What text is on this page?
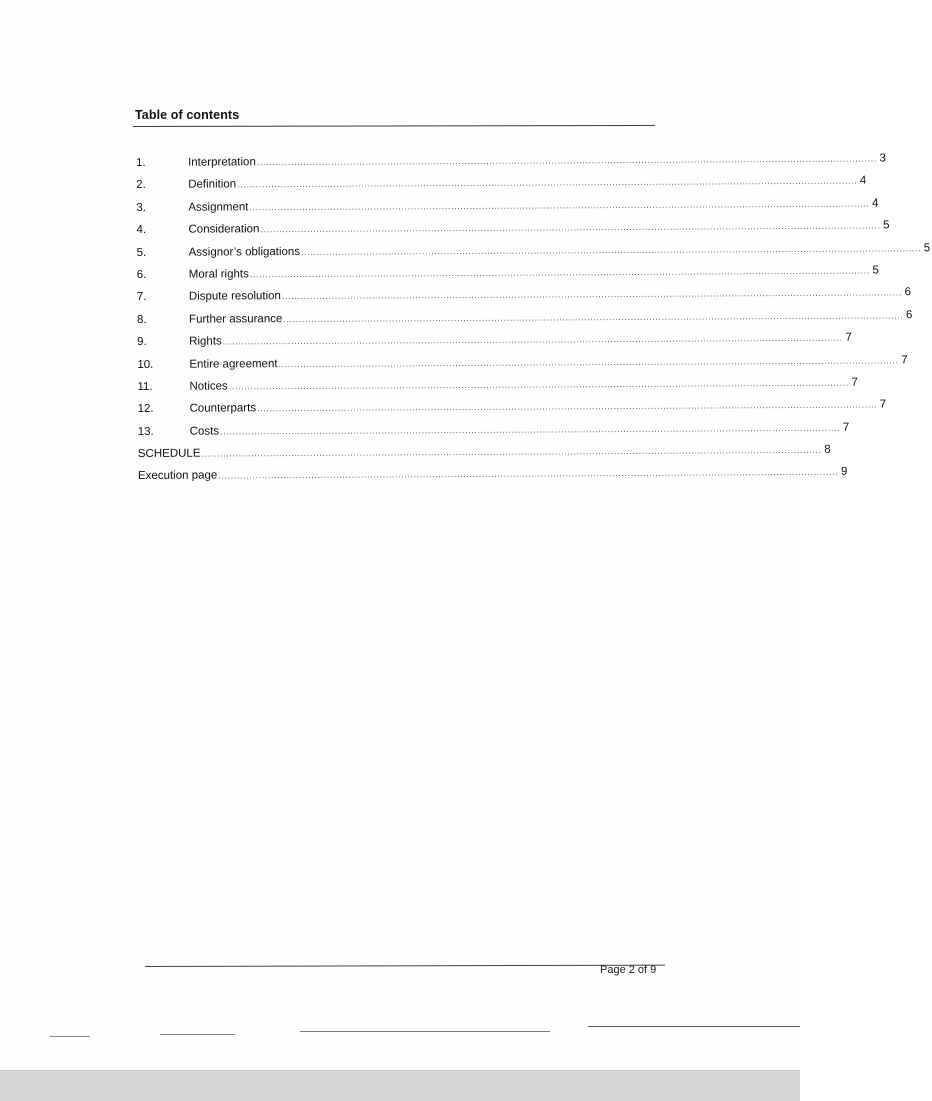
Table of contents
1.	Interpretation ........................................................................................................................................................................................................ 3
2.	Definition ........................................................................................................................................................................................................ 4
3.	Assignment ........................................................................................................................................................................................................ 4
4.	Consideration ........................................................................................................................................................................................................ 5
5.	Assignor’s obligations ........................................................................................................................................................................................................ 5
6.	Moral rights ........................................................................................................................................................................................................ 5
7.	Dispute resolution ........................................................................................................................................................................................................ 6
8.	Further assurance ........................................................................................................................................................................................................ 6
9.	Rights ........................................................................................................................................................................................................ 7
10.	Entire agreement ........................................................................................................................................................................................................ 7
11.	Notices ........................................................................................................................................................................................................ 7
12.	Counterparts ........................................................................................................................................................................................................ 7
13.	Costs ........................................................................................................................................................................................................ 7
SCHEDULE ........................................................................................................................................................................................................ 8
Execution page ........................................................................................................................................................................................................ 9
Page 2 of 9
